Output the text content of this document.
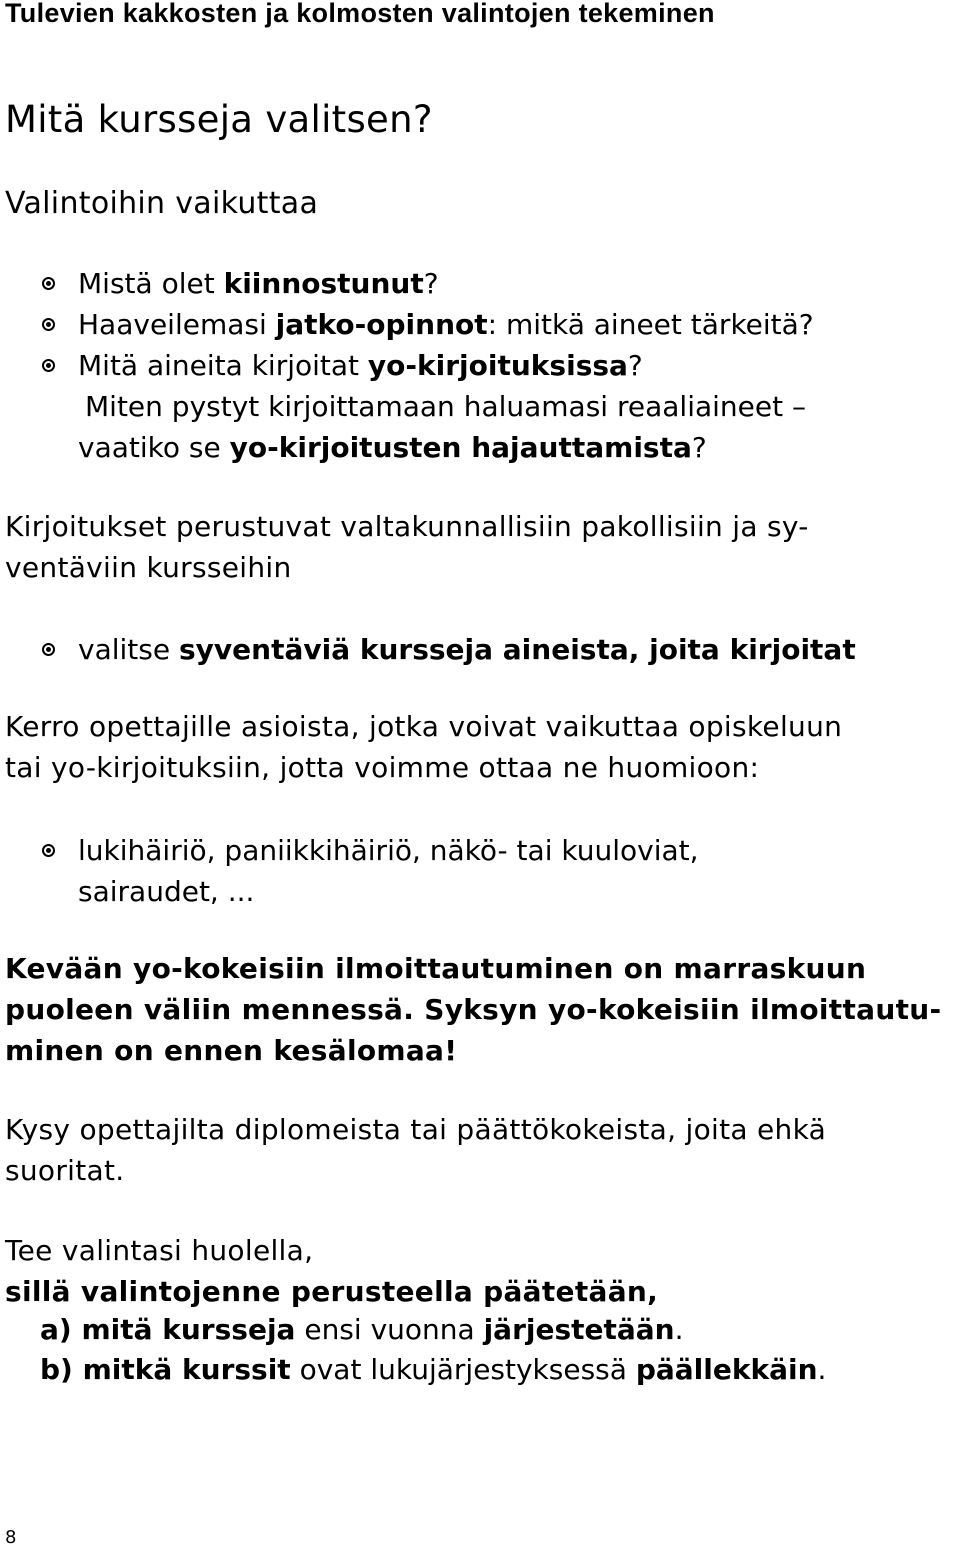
Tulevien kakkosten ja kolmosten valintojen tekeminen
Mitä kursseja valitsen?
Valintoihin vaikuttaa
Mistä olet kiinnostunut?
Haaveilemasi jatko-opinnot: mitkä aineet tärkeitä?
Mitä aineita kirjoitat yo-kirjoituksissa?
Miten pystyt kirjoittamaan haluamasi reaaliaineet –
vaatiko se yo-kirjoitusten hajauttamista?
Kirjoitukset perustuvat valtakunnallisiin pakollisiin ja sy-
ventäviin kursseihin
valitse syventäviä kursseja aineista, joita kirjoitat
Kerro opettajille asioista, jotka voivat vaikuttaa opiskeluun
tai yo-kirjoituksiin, jotta voimme ottaa ne huomioon:
lukihäiriö, paniikkihäiriö, näkö- tai kuuloviat,
sairaudet, ...
Kevään yo-kokeisiin ilmoittautuminen on marraskuun
puoleen väliin mennessä. Syksyn yo-kokeisiin ilmoittautu-
minen on ennen kesälomaa!
Kysy opettajilta diplomeista tai päättökokeista, joita ehkä
suoritat.
Tee valintasi huolella,
sillä valintojenne perusteella päätetään,
a) mitä kursseja ensi vuonna järjestetään.
b) mitkä kurssit ovat lukujärjestyksessä päällekkäin.
8
